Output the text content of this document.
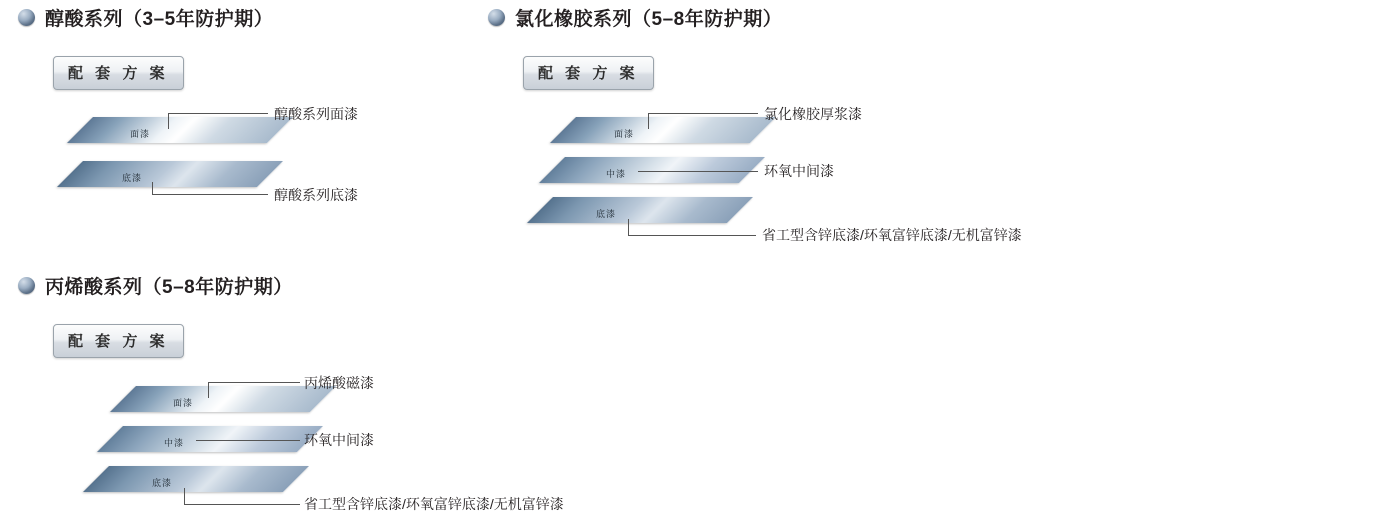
醇酸系列（3–5年防护期）
配 套 方 案
面漆
醇酸系列面漆
底漆
醇酸系列底漆
氯化橡胶系列（5–8年防护期）
配 套 方 案
面漆
氯化橡胶厚浆漆
中漆	环氧中间漆
底漆
省工型含锌底漆/环氧富锌底漆/无机富锌漆
丙烯酸系列（5–8年防护期）
配 套 方 案
面漆
丙烯酸磁漆
中漆	环氧中间漆
底漆
省工型含锌底漆/环氧富锌底漆/无机富锌漆
